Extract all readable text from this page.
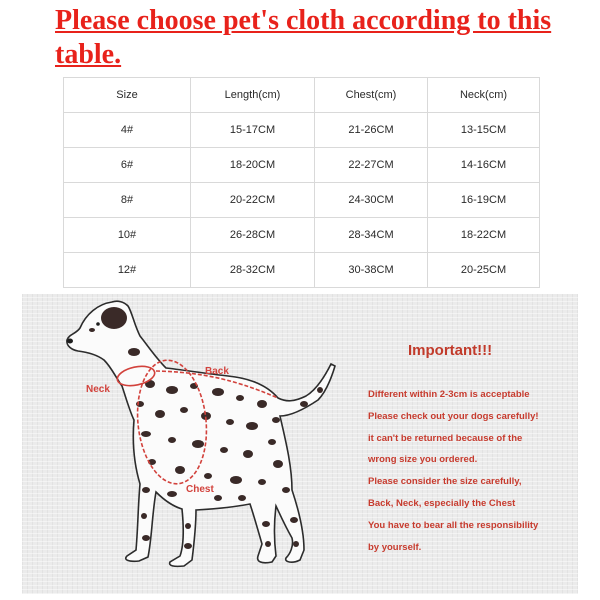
Please choose pet's cloth according to this table.
Size	Length(cm)	Chest(cm)	Neck(cm)
4#	15-17CM	21-26CM	13-15CM
6#	18-20CM	22-27CM	14-16CM
8#	20-22CM	24-30CM	16-19CM
10#	26-28CM	28-34CM	18-22CM
12#	28-32CM	30-38CM	20-25CM
Neck
Back
Chest
Important!!!
Different within 2-3cm is acceptable
Please check out your dogs carefully!
it can't be returned because of the
wrong size you ordered.
Please consider the size carefully,
Back, Neck, especially the Chest
You have to bear all the responsibility
by yourself.
